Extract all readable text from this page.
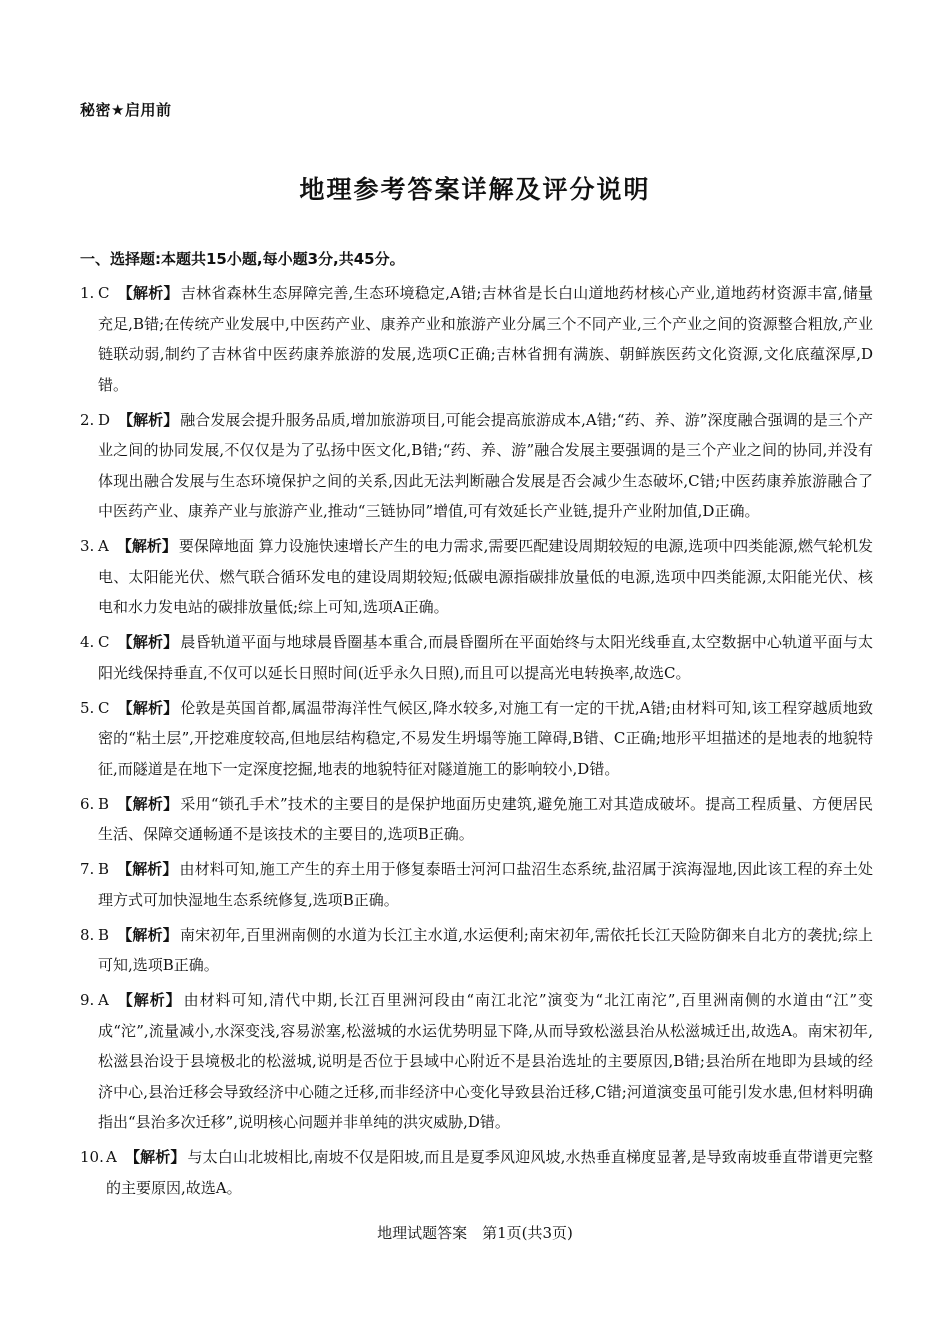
秘密★启用前
地理参考答案详解及评分说明
一、选择题:本题共15小题,每小题3分,共45分。
1. C 【解析】 吉林省森林生态屏障完善,生态环境稳定,A错;吉林省是长白山道地药材核心产业,道地药材资源丰富,储量充足,B错;在传统产业发展中,中医药产业、康养产业和旅游产业分属三个不同产业,三个产业之间的资源整合粗放,产业链联动弱,制约了吉林省中医药康养旅游的发展,选项C正确;吉林省拥有满族、朝鲜族医药文化资源,文化底蕴深厚,D错。
2. D 【解析】 融合发展会提升服务品质,增加旅游项目,可能会提高旅游成本,A错;“药、养、游”深度融合强调的是三个产业之间的协同发展,不仅仅是为了弘扬中医文化,B错;“药、养、游”融合发展主要强调的是三个产业之间的协同,并没有体现出融合发展与生态环境保护之间的关系,因此无法判断融合发展是否会减少生态破坏,C错;中医药康养旅游融合了中医药产业、康养产业与旅游产业,推动“三链协同”增值,可有效延长产业链,提升产业附加值,D正确。
3. A 【解析】 要保障地面 算力设施快速增长产生的电力需求,需要匹配建设周期较短的电源,选项中四类能源,燃气轮机发电、太阳能光伏、燃气联合循环发电的建设周期较短;低碳电源指碳排放量低的电源,选项中四类能源,太阳能光伏、核电和水力发电站的碳排放量低;综上可知,选项A正确。
4. C 【解析】 晨昏轨道平面与地球晨昏圈基本重合,而晨昏圈所在平面始终与太阳光线垂直,太空数据中心轨道平面与太阳光线保持垂直,不仅可以延长日照时间(近乎永久日照),而且可以提高光电转换率,故选C。
5. C 【解析】 伦敦是英国首都,属温带海洋性气候区,降水较多,对施工有一定的干扰,A错;由材料可知,该工程穿越质地致密的“粘土层”,开挖难度较高,但地层结构稳定,不易发生坍塌等施工障碍,B错、C正确;地形平坦描述的是地表的地貌特征,而隧道是在地下一定深度挖掘,地表的地貌特征对隧道施工的影响较小,D错。
6. B 【解析】 采用“锁孔手术”技术的主要目的是保护地面历史建筑,避免施工对其造成破坏。提高工程质量、方便居民生活、保障交通畅通不是该技术的主要目的,选项B正确。
7. B 【解析】 由材料可知,施工产生的弃土用于修复泰晤士河河口盐沼生态系统,盐沼属于滨海湿地,因此该工程的弃土处理方式可加快湿地生态系统修复,选项B正确。
8. B 【解析】 南宋初年,百里洲南侧的水道为长江主水道,水运便利;南宋初年,需依托长江天险防御来自北方的袭扰;综上可知,选项B正确。
9. A 【解析】 由材料可知,清代中期,长江百里洲河段由“南江北沱”演变为“北江南沱”,百里洲南侧的水道由“江”变成“沱”,流量减小,水深变浅,容易淤塞,松滋城的水运优势明显下降,从而导致松滋县治从松滋城迁出,故选A。南宋初年,松滋县治设于县境极北的松滋城,说明是否位于县域中心附近不是县治选址的主要原因,B错;县治所在地即为县域的经济中心,县治迁移会导致经济中心随之迁移,而非经济中心变化导致县治迁移,C错;河道演变虽可能引发水患,但材料明确指出“县治多次迁移”,说明核心问题并非单纯的洪灾威胁,D错。
10. A 【解析】 与太白山北坡相比,南坡不仅是阳坡,而且是夏季风迎风坡,水热垂直梯度显著,是导致南坡垂直带谱更完整的主要原因,故选A。
地理试题答案　第1页(共3页)
